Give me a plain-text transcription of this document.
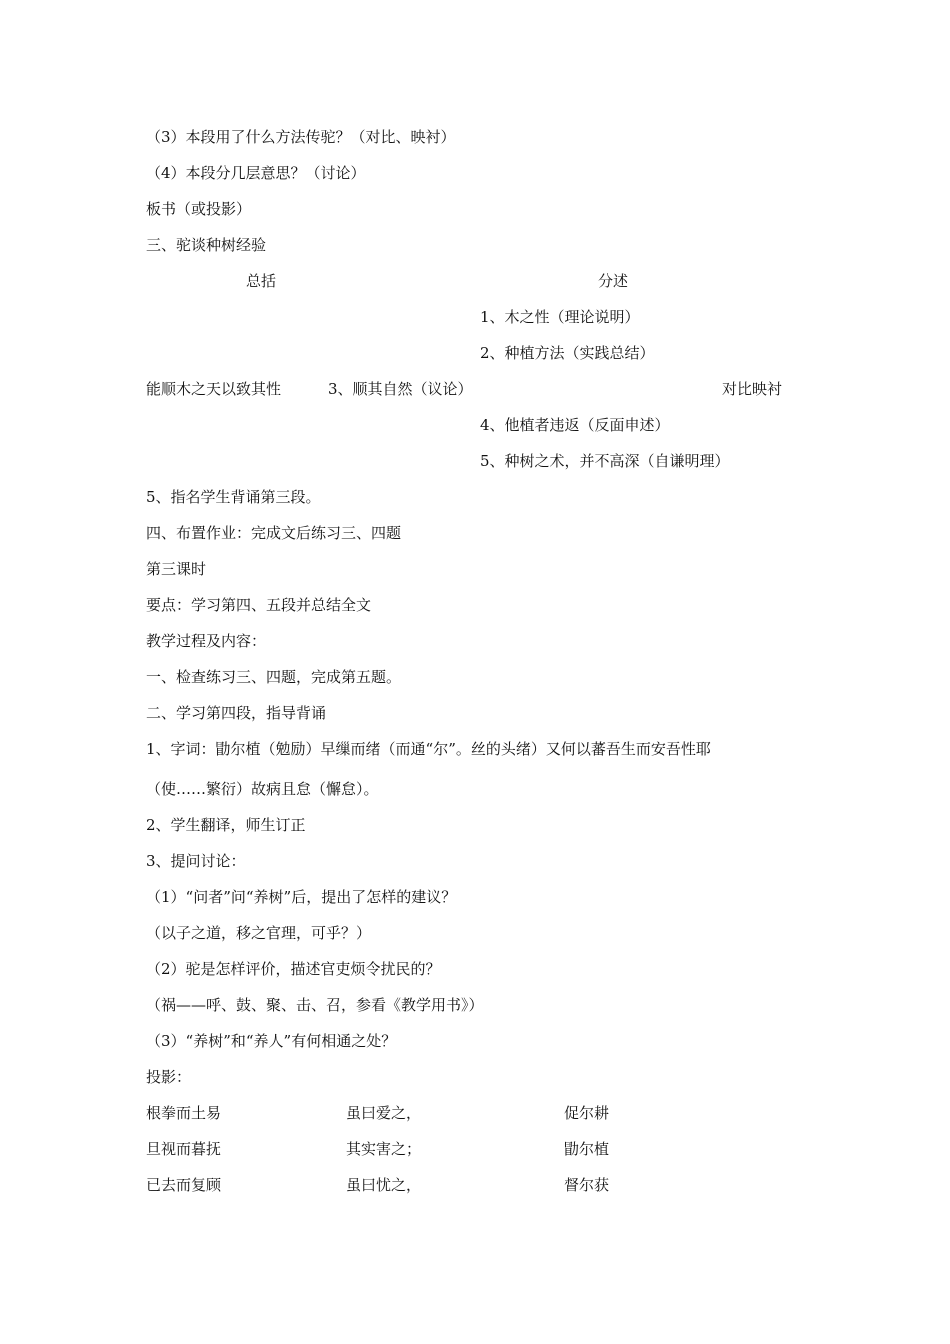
（3）本段用了什么方法传驼？（对比、映衬）
（4）本段分几层意思？（讨论）
板书（或投影）
三、驼谈种树经验
总括	分述
1、木之性（理论说明）
2、种植方法（实践总结）
能顺木之天以致其性	3、顺其自然（议论）	对比映衬
4、他植者违返（反面申述）
5、种树之术，并不高深（自谦明理）
5、指名学生背诵第三段。
四、布置作业：完成文后练习三、四题
第三课时
要点：学习第四、五段并总结全文
教学过程及内容：
一、检查练习三、四题，完成第五题。
二、学习第四段，指导背诵
1、字词：勖尔植（勉励）早缫而绪（而通“尔”。丝的头绪）又何以蕃吾生而安吾性耶
（使……繁衍）故病且怠（懈怠）。
2、学生翻译，师生订正
3、提问讨论：
（1）“问者”问“养树”后，提出了怎样的建议？
（以子之道，移之官理，可乎？）
（2）驼是怎样评价，描述官吏烦令扰民的？
（祸——呼、鼓、聚、击、召，参看《教学用书》）
（3）“养树”和“养人”有何相通之处？
投影：
根拳而土易	虽曰爱之，	促尔耕
旦视而暮抚	其实害之；	勖尔植
已去而复顾	虽曰忧之，	督尔获
